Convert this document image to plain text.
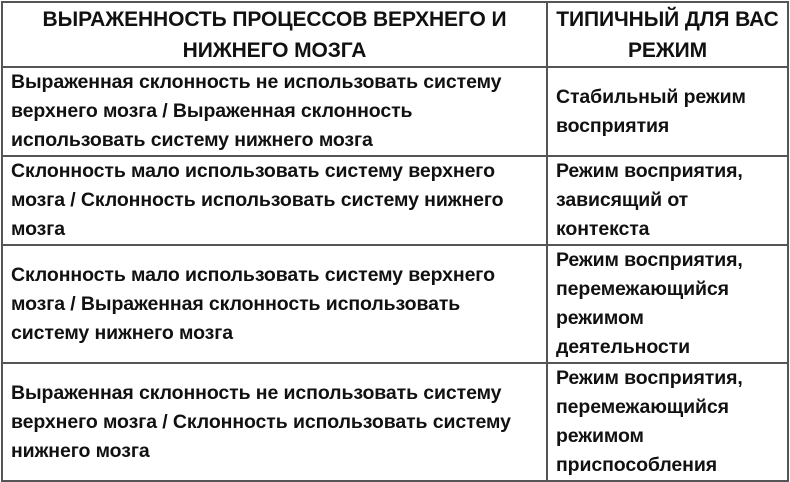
ВЫРАЖЕННОСТЬ ПРОЦЕССОВ ВЕРХНЕГО И НИЖНЕГО МОЗГА	ТИПИЧНЫЙ ДЛЯ ВАС РЕЖИМ
Выраженная склонность не использовать систему верхнего мозга / Выраженная склонность использовать систему нижнего мозга	Стабильный режим восприятия
Склонность мало использовать систему верхнего мозга / Склонность использовать систему нижнего мозга	Режим восприятия, зависящий от контекста
Склонность мало использовать систему верхнего мозга / Выраженная склонность использовать систему нижнего мозга	Режим восприятия, перемежающийся режимом деятельности
Выраженная склонность не использовать систему верхнего мозга / Склонность использовать систему нижнего мозга	Режим восприятия, перемежающийся режимом приспособления
